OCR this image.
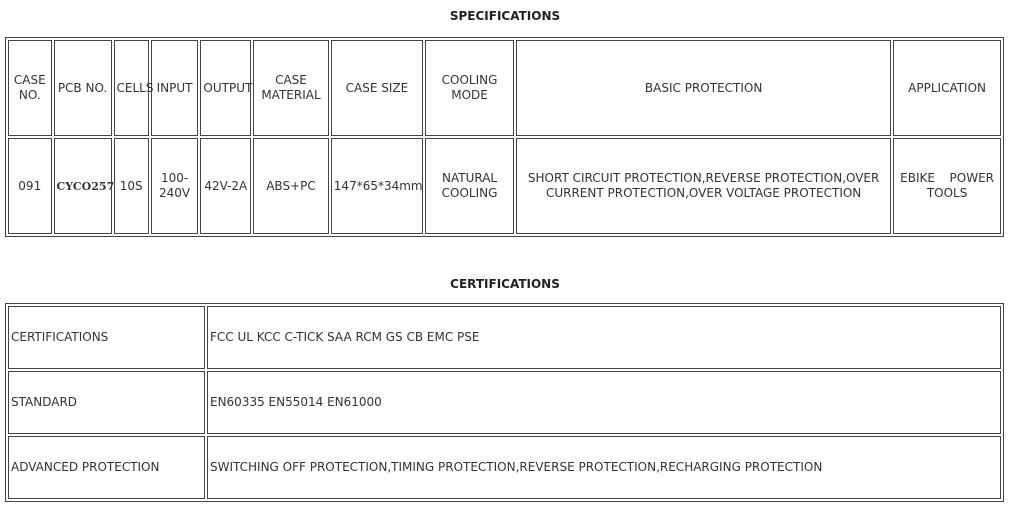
SPECIFICATIONS
CASE NO.	PCB NO.	CELLS	INPUT	OUTPUT	CASE MATERIAL	CASE SIZE	COOLING MODE	BASIC PROTECTION	APPLICATION
091	CYCO257	10S	100-240V	42V-2A	ABS+PC	147*65*34mm	NATURAL COOLING	SHORT CIRCUIT PROTECTION,REVERSE PROTECTION,OVER CURRENT PROTECTION,OVER VOLTAGE PROTECTION	EBIKE POWER TOOLS
CERTIFICATIONS
CERTIFICATIONS	FCC UL KCC C-TICK SAA RCM GS CB EMC PSE
STANDARD	EN60335 EN55014 EN61000
ADVANCED PROTECTION	SWITCHING OFF PROTECTION,TIMING PROTECTION,REVERSE PROTECTION,RECHARGING PROTECTION
